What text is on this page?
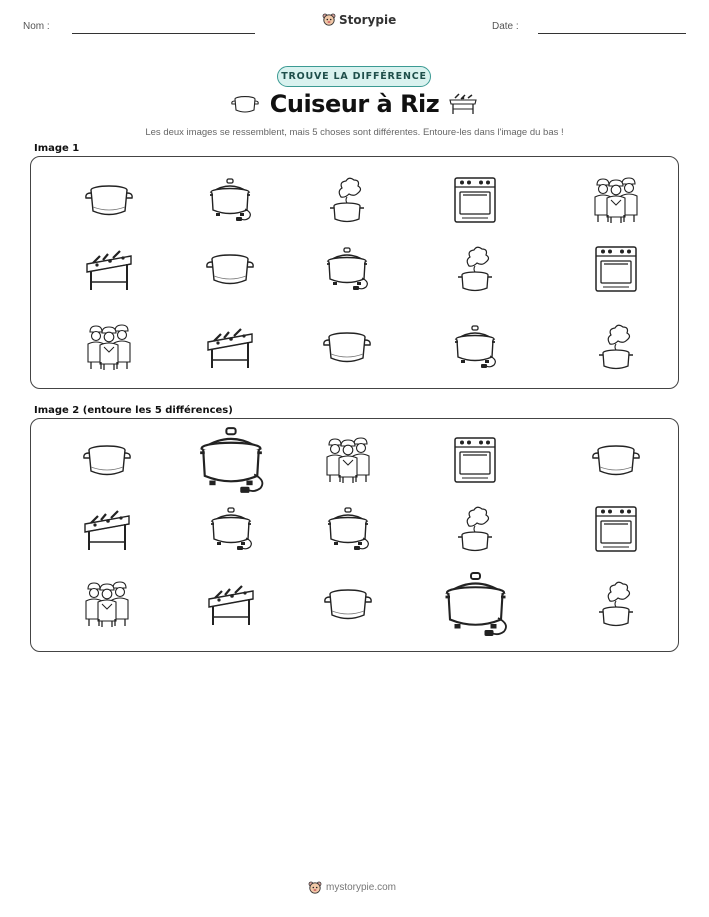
Nom :	Storypie	Date :
TROUVE LA DIFFÉRENCE
Cuiseur à Riz
Les deux images se ressemblent, mais 5 choses sont différentes. Entoure-les dans l'image du bas !
Image 1
Image 2 (entoure les 5 différences)
mystorypie.com
